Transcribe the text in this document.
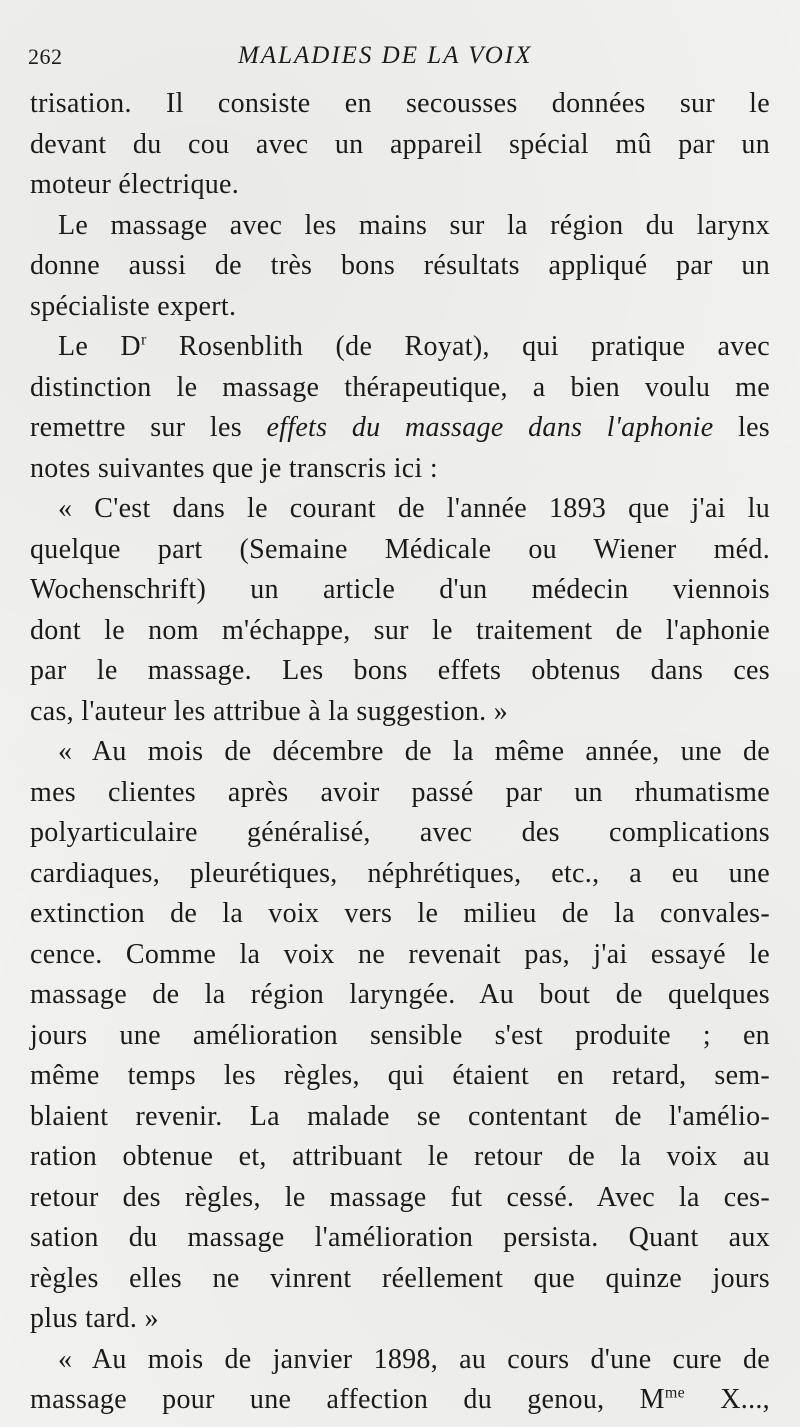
262	MALADIES DE LA VOIX
trisation. Il consiste en secousses données sur le
devant du cou avec un appareil spécial mû par un
moteur électrique.
Le massage avec les mains sur la région du larynx
donne aussi de très bons résultats appliqué par un
spécialiste expert.
Le $D^r$ Rosenblith (de Royat), qui pratique avec
distinction le massage thérapeutique, a bien voulu me
remettre sur les effets du massage dans l'aphonie les
notes suivantes que je transcris ici :
« C'est dans le courant de l'année 1893 que j'ai lu
quelque part (Semaine Médicale ou Wiener méd.
Wochenschrift) un article d'un médecin viennois
dont le nom m'échappe, sur le traitement de l'aphonie
par le massage. Les bons effets obtenus dans ces
cas, l'auteur les attribue à la suggestion. »
« Au mois de décembre de la même année, une de
mes clientes après avoir passé par un rhumatisme
polyarticulaire généralisé, avec des complications
cardiaques, pleurétiques, néphrétiques, etc., a eu une
extinction de la voix vers le milieu de la convales-
cence. Comme la voix ne revenait pas, j'ai essayé le
massage de la région laryngée. Au bout de quelques
jours une amélioration sensible s'est produite ; en
même temps les règles, qui étaient en retard, sem-
blaient revenir. La malade se contentant de l'amélio-
ration obtenue et, attribuant le retour de la voix au
retour des règles, le massage fut cessé. Avec la ces-
sation du massage l'amélioration persista. Quant aux
règles elles ne vinrent réellement que quinze jours
plus tard. »
« Au mois de janvier 1898, au cours d'une cure de
massage pour une affection du genou, $M^{me}$ X...,
